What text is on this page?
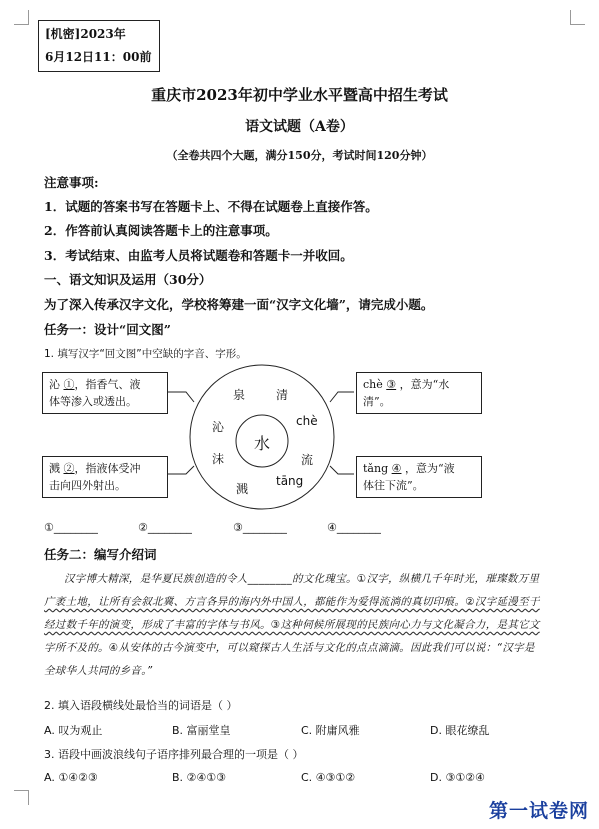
[机密]2023年
6月12日11：00前
重庆市2023年初中学业水平暨高中招生考试
语文试题（A卷）
（全卷共四个大题，满分150分，考试时间120分钟）
注意事项:
1．试题的答案书写在答题卡上、不得在试题卷上直接作答。
2．作答前认真阅读答题卡上的注意事项。
3．考试结束、由监考人员将试题卷和答题卡一并收回。
一、语文知识及运用（30分）
为了深入传承汉字文化，学校将筹建一面“汉字文化墙”，请完成小题。
任务一：设计“回文图”
1. 填写汉字“回文图”中空缺的字音、字形。
泉	清
chè
流
tāng
溅
沫
沁
水
沁 ①，指香气、液
体等渗入或透出。
溅 ②，指液体受冲
击向四外射出。
chè ③ ，意为“水
清”。
tǎng ④ ，意为“液
体往下流”。
①________	②________	③________	④________
任务二：编写介绍词

汉字博大精深，是华夏民族创造的令人________的文化瑰宝。①汉字，纵横几千年时光，璀璨数万里

广袤土地，让所有会叙北冀、方言各异的海内外中国人，都能作为爱得流淌的真切印痕。②汉字延漫至于

经过数千年的演变，形成了丰富的字体与书风。③这种伺候所展现的民族向心力与文化凝合力，是其它文

字所不及的。④从安体的古今演变中，可以窥探古人生活与文化的点点滴滴。因此我们可以说：“汉字是

全球华人共同的乡音。”

2. 填入语段横线处最恰当的词语是（ ）
A. 叹为观止	B. 富丽堂皇	C. 附庸风雅	D. 眼花缭乱
3. 语段中画波浪线句子语序排列最合理的一项是（ ）
A. ①④②③	B. ②④①③	C. ④③①②	D. ③①②④
第一试卷网
